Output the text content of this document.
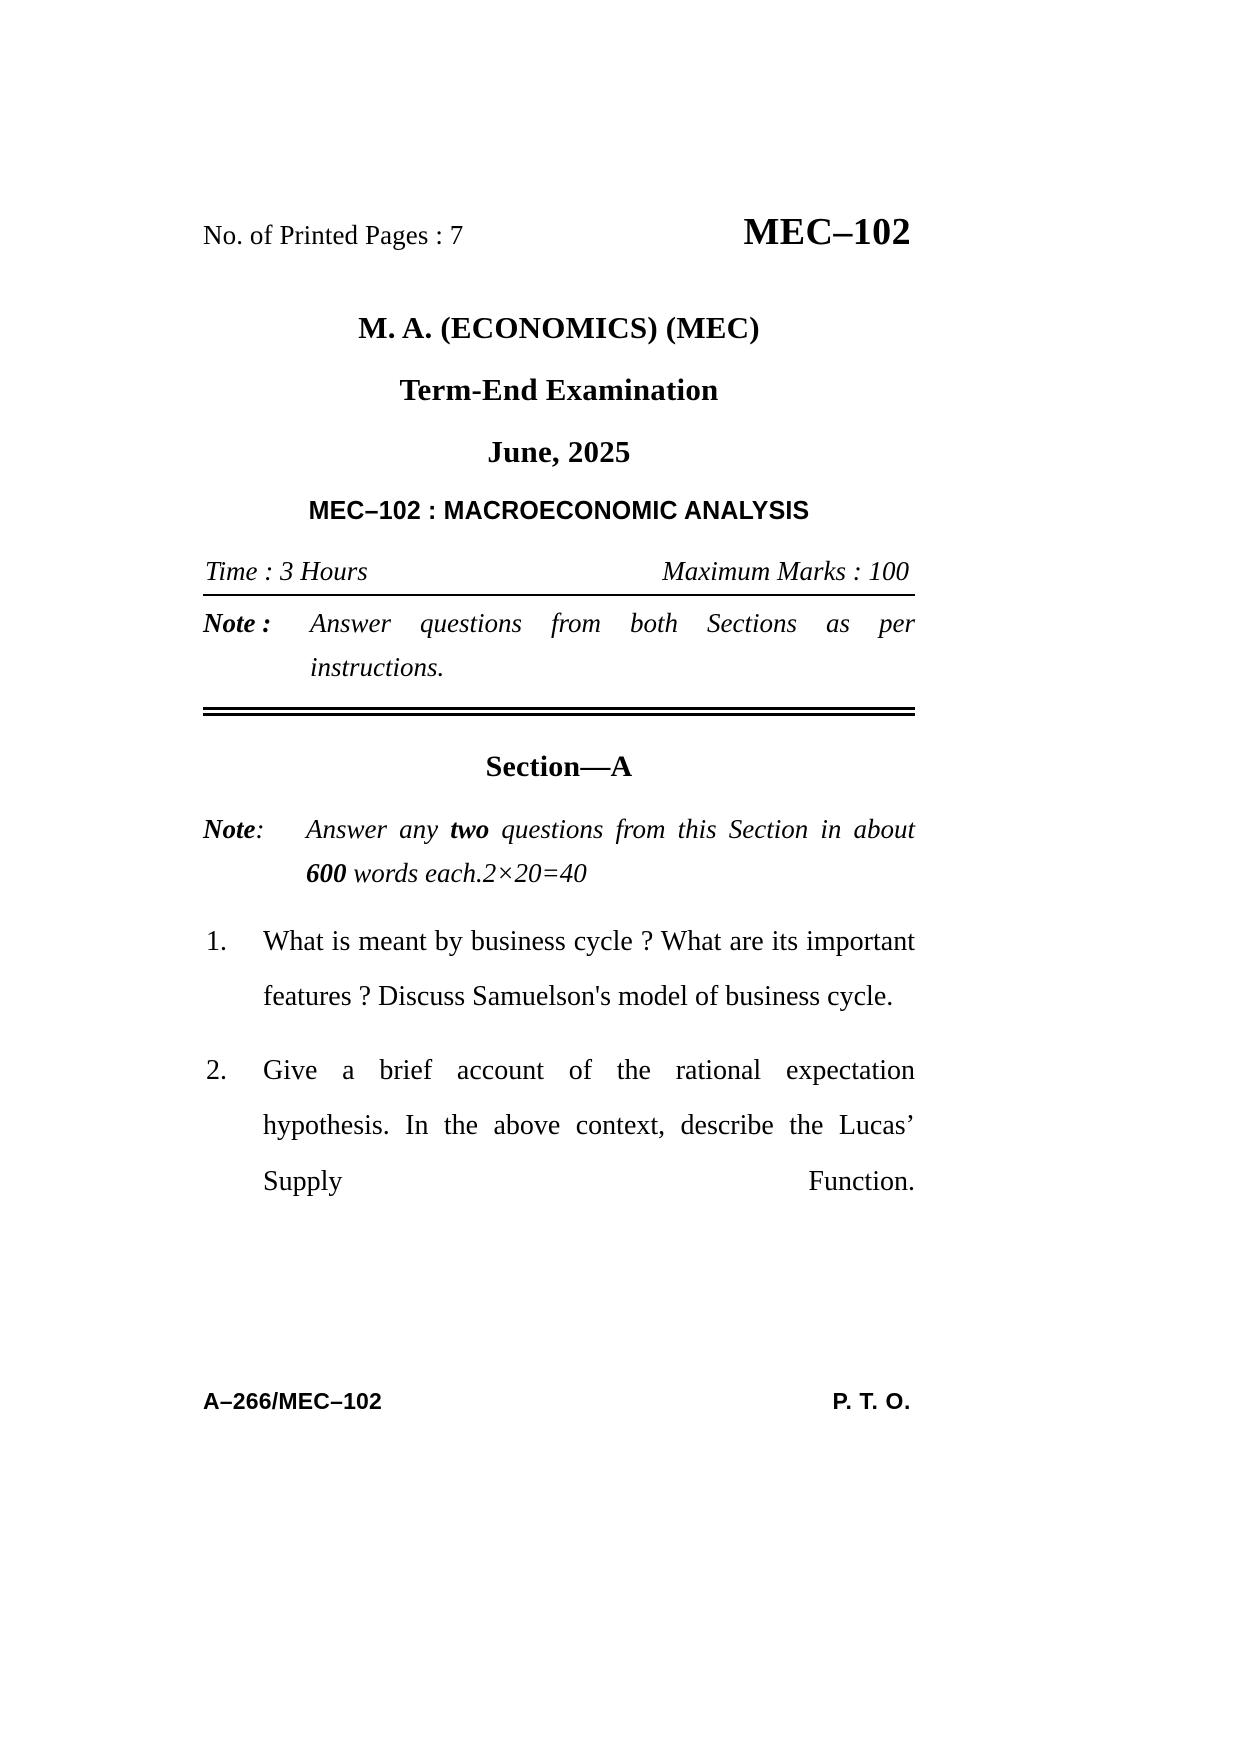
No. of Printed Pages : 7	MEC–102
M. A. (ECONOMICS) (MEC)
Term-End Examination
June, 2025
MEC–102 : MACROECONOMIC ANALYSIS
Time : 3 Hours	Maximum Marks : 100
Note :	Answer questions from both Sections as per instructions.
Section—A
Note:	Answer any two questions from this Section in about 600 words each.2×20=40
1. What is meant by business cycle ? What are its important features ? Discuss Samuelson's model of business cycle.
2. Give a brief account of the rational expectation hypothesis. In the above context, describe the Lucas’ Supply Function.
A–266/MEC–102	P. T. O.
